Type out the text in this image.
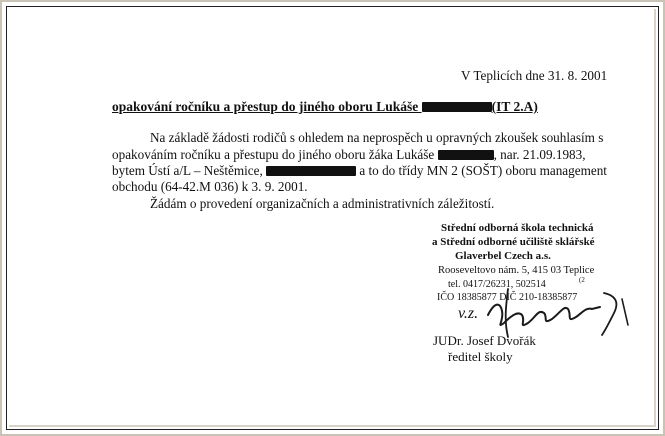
V Teplicích dne 31. 8. 2001
opakování ročníku a přestup do jiného oboru Lukáše	(IT 2.A)
Na základě žádosti rodičů s ohledem na neprospěch u opravných zkoušek souhlasím s
opakováním ročníku a přestupu do jiného oboru žáka Lukáše	, nar. 21.09.1983,
bytem Ústí a/L – Neštěmice,	a to do třídy MN 2 (SOŠT) oboru management
obchodu (64-42.M 036) k 3. 9. 2001.
Žádám o provedení organizačních a administrativních záležitostí.
Střední odborná škola technická
a Střední odborné učiliště sklářské
Glaverbel Czech a.s.
Rooseveltovo nám. 5, 415 03 Teplice
tel. 0417/26231, 502514	(2
IČO 18385877 DIČ 210-18385877
v.z.
JUDr. Josef Dvořák
ředitel školy
